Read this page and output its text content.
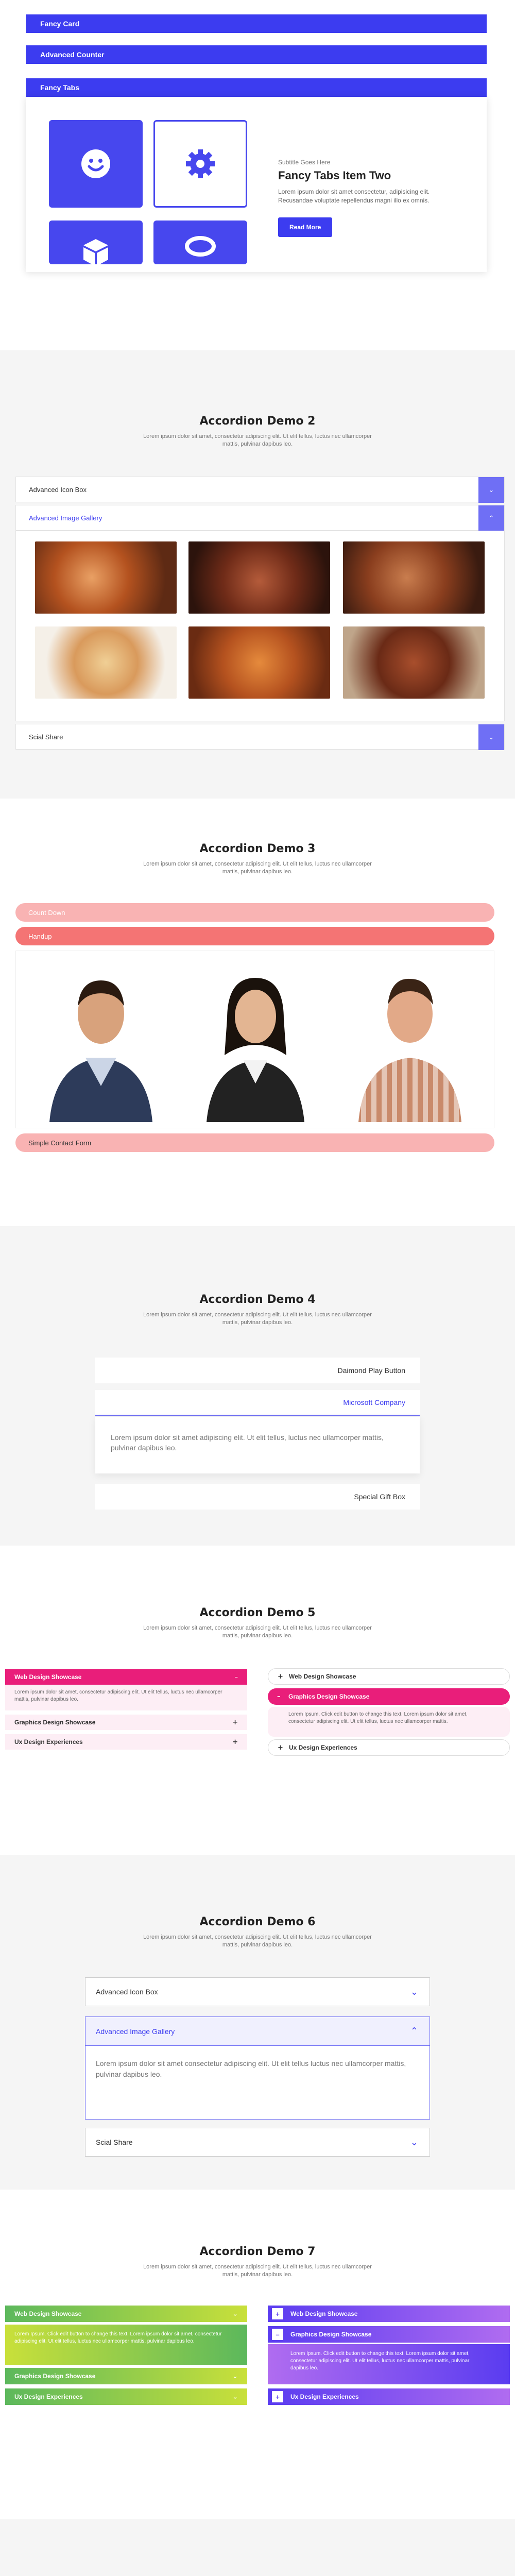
Fancy Card
Advanced Counter
Fancy Tabs
Subtitle Goes Here
Fancy Tabs Item Two
Lorem ipsum dolor sit amet consectetur, adipisicing elit. Recusandae voluptate repellendus magni illo ex omnis.
Read More
Accordion Demo 2
Lorem ipsum dolor sit amet, consectetur adipiscing elit. Ut elit tellus, luctus nec ullamcorper mattis, pulvinar dapibus leo.
Advanced Icon Box	⌄
Advanced Image Gallery	⌃
Scial Share	⌄
Accordion Demo 3
Lorem ipsum dolor sit amet, consectetur adipiscing elit. Ut elit tellus, luctus nec ullamcorper mattis, pulvinar dapibus leo.
Count Down
Handup
Simple Contact Form
Accordion Demo 4
Lorem ipsum dolor sit amet, consectetur adipiscing elit. Ut elit tellus, luctus nec ullamcorper mattis, pulvinar dapibus leo.
Daimond Play Button
Microsoft Company
Lorem ipsum dolor sit amet adipiscing elit. Ut elit tellus, luctus nec ullamcorper mattis, pulvinar dapibus leo.
Special Gift Box
Accordion Demo 5
Lorem ipsum dolor sit amet, consectetur adipiscing elit. Ut elit tellus, luctus nec ullamcorper mattis, pulvinar dapibus leo.
Web Design Showcase	–
Lorem ipsum dolor sit amet, consectetur adipiscing elit. Ut elit tellus, luctus nec ullamcorper mattis, pulvinar dapibus leo.
Graphics Design Showcase	+
Ux Design Experiences	+
+ Web Design Showcase
– Graphics Design Showcase
Lorem Ipsum. Click edit button to change this text. Lorem ipsum dolor sit amet, consectetur adipiscing elit. Ut elit tellus, luctus nec ullamcorper mattis.
+ Ux Design Experiences
Accordion Demo 6
Lorem ipsum dolor sit amet, consectetur adipiscing elit. Ut elit tellus, luctus nec ullamcorper mattis, pulvinar dapibus leo.
Advanced Icon Box	⌄
Advanced Image Gallery	⌃
Lorem ipsum dolor sit amet consectetur adipiscing elit. Ut elit tellus luctus nec ullamcorper mattis, pulvinar dapibus leo.
Scial Share	⌄
Accordion Demo 7
Lorem ipsum dolor sit amet, consectetur adipiscing elit. Ut elit tellus, luctus nec ullamcorper mattis, pulvinar dapibus leo.
Web Design Showcase	⌄
Lorem Ipsum. Click edit button to change this text. Lorem ipsum dolor sit amet, consectetur adipiscing elit. Ut elit tellus, luctus nec ullamcorper mattis, pulvinar dapibus leo.
Graphics Design Showcase	⌄
Ux Design Experiences	⌄
+	Web Design Showcase
–	Graphics Design Showcase
Lorem Ipsum. Click edit button to change this text. Lorem ipsum dolor sit amet, consectetur adipiscing elit. Ut elit tellus, luctus nec ullamcorper mattis, pulvinar dapibus leo.
+	Ux Design Experiences
